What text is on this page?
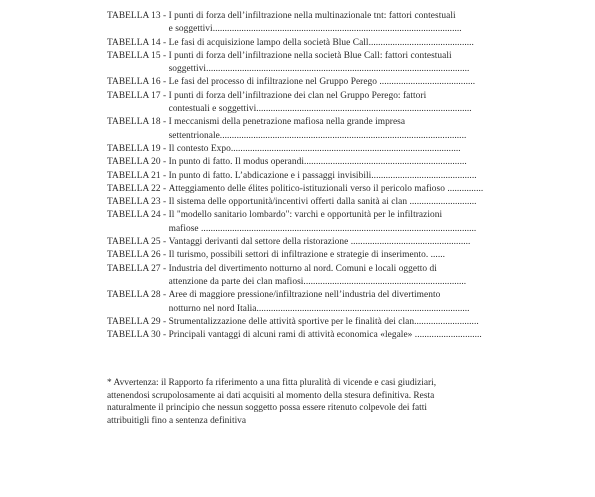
TABELLA 13 - I punti di forza dell’infiltrazione nella multinazionale tnt: fattori contestuali
e soggettivi........................................................................................................
TABELLA 14 - Le fasi di acquisizione lampo della società Blue Call............................................
TABELLA 15 - I punti di forza dell’infiltrazione nella società Blue Call: fattori contestuali
soggettivi..............................................................................................................
TABELLA 16 - Le fasi del processo di infiltrazione nel Gruppo Perego ........................................
TABELLA 17 - I punti di forza dell’infiltrazione dei clan nel Gruppo Perego: fattori
contestuali e soggettivi..........................................................................................
TABELLA 18 - I meccanismi della penetrazione mafiosa nella grande impresa
settentrionale.......................................................................................................
TABELLA 19 - Il contesto Expo................................................................................................
TABELLA 20 - In punto di fatto. Il modus operandi....................................................................
TABELLA 21 - In punto di fatto. L’abdicazione e i passaggi invisibili............................................
TABELLA 22 - Atteggiamento delle élites politico-istituzionali verso il pericolo mafioso ...............
TABELLA 23 - Il sistema delle opportunità/incentivi offerti dalla sanità ai clan ............................
TABELLA 24 - Il "modello sanitario lombardo": varchi e opportunità per le infiltrazioni
mafiose ...................................................................................................................
TABELLA 25 - Vantaggi derivanti dal settore della ristorazione ..................................................
TABELLA 26 - Il turismo, possibili settori di infiltrazione e strategie di inserimento. ......
TABELLA 27 - Industria del divertimento notturno al nord. Comuni e locali oggetto di
attenzione da parte dei clan mafiosi....................................................................
TABELLA 28 - Aree di maggiore pressione/infiltrazione nell’industria del divertimento
notturno nel nord Italia.........................................................................................
TABELLA 29 - Strumentalizzazione delle attività sportive per le finalità dei clan...........................
TABELLA 30 - Principali vantaggi di alcuni rami di attività economica «legale» ............................
* Avvertenza: il Rapporto fa riferimento a una fitta pluralità di vicende e casi giudiziari,
attenendosi scrupolosamente ai dati acquisiti al momento della stesura definitiva. Resta
naturalmente il principio che nessun soggetto possa essere ritenuto colpevole dei fatti
attribuitigli fino a sentenza definitiva
